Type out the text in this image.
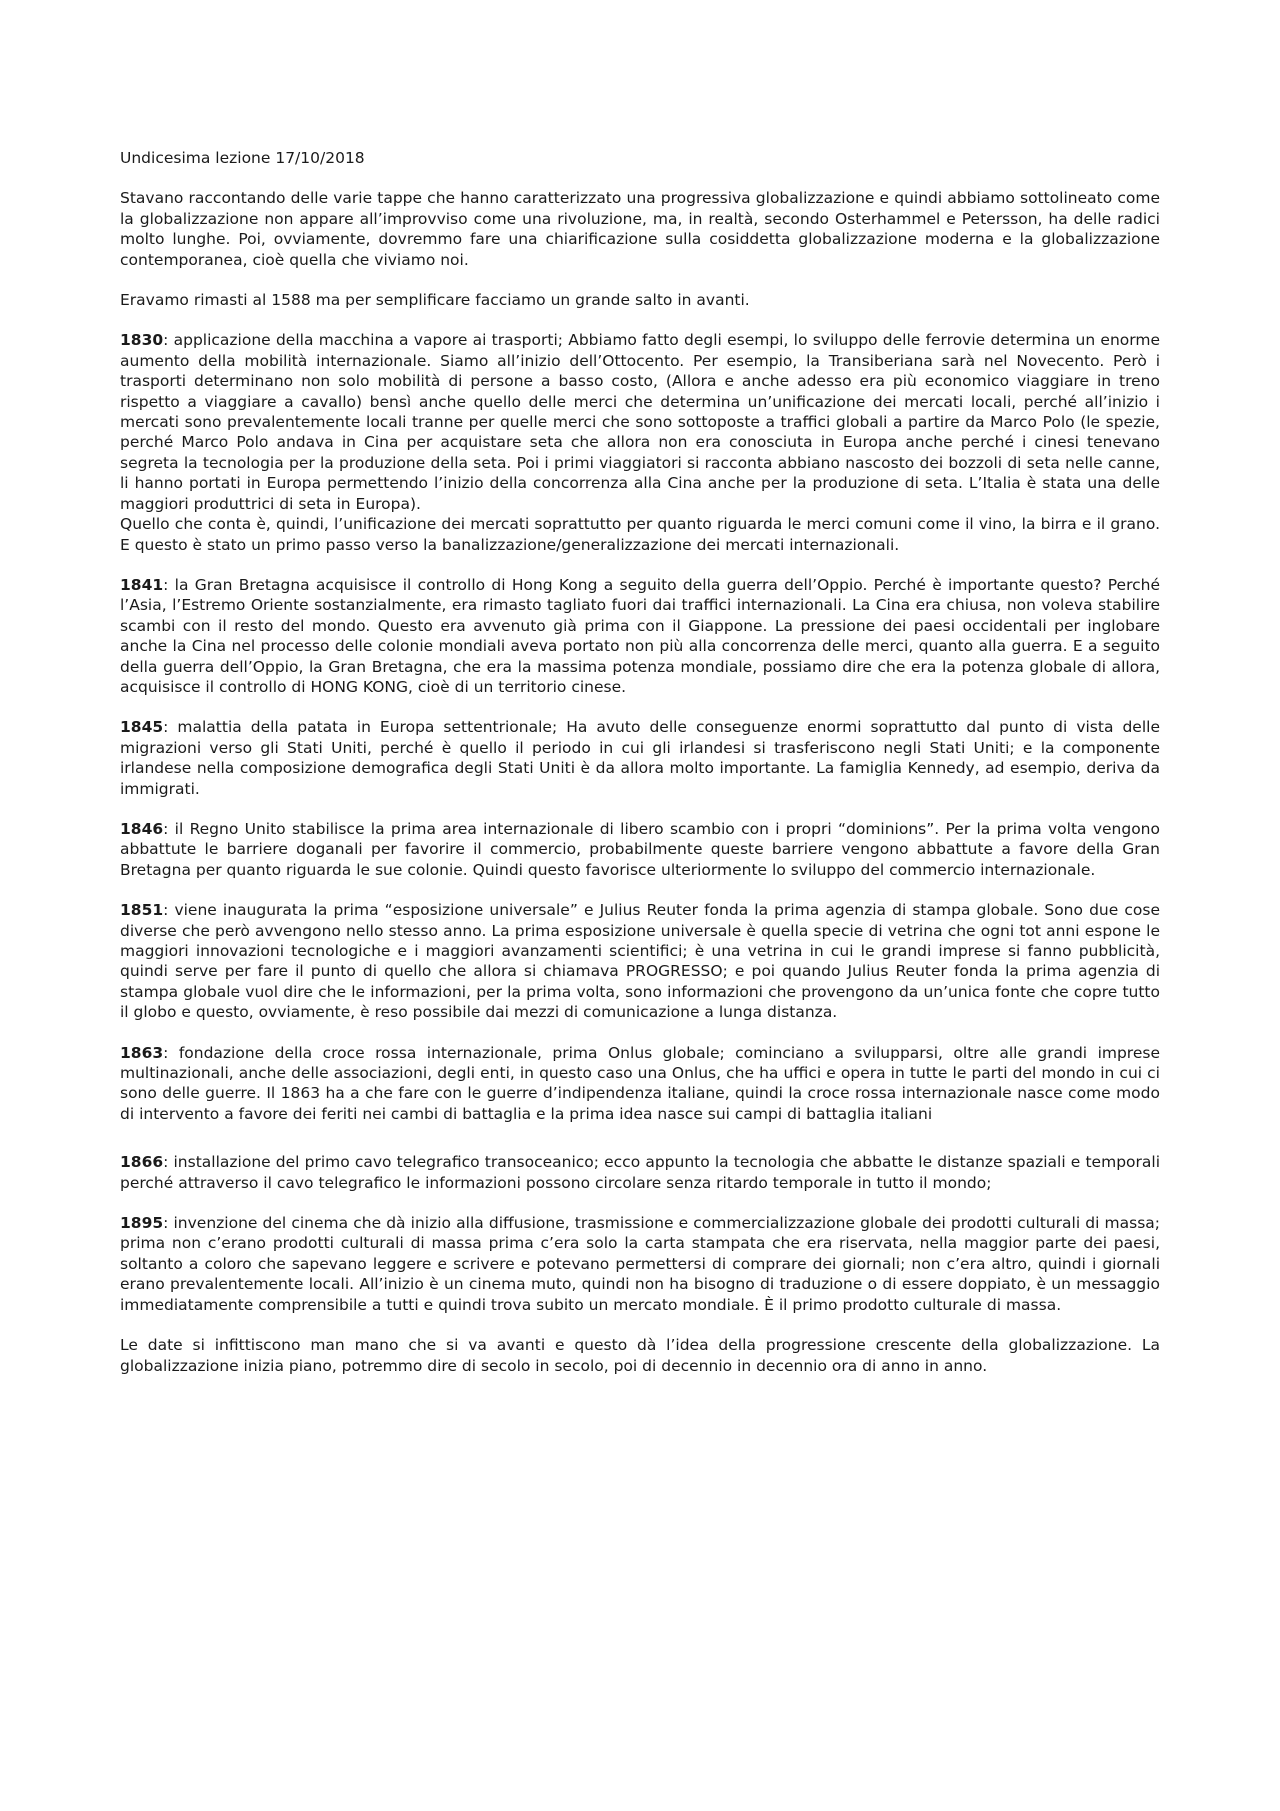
Undicesima lezione 17/10/2018

Stavano raccontando delle varie tappe che hanno caratterizzato una progressiva globalizzazione e quindi abbiamo sottolineato come la globalizzazione non appare all’improvviso come una rivoluzione, ma, in realtà, secondo Osterhammel e Petersson, ha delle radici molto lunghe. Poi, ovviamente, dovremmo fare una chiarificazione sulla cosiddetta globalizzazione moderna e la globalizzazione contemporanea, cioè quella che viviamo noi.

Eravamo rimasti al 1588 ma per semplificare facciamo un grande salto in avanti.

1830: applicazione della macchina a vapore ai trasporti; Abbiamo fatto degli esempi, lo sviluppo delle ferrovie determina un enorme aumento della mobilità internazionale. Siamo all’inizio dell’Ottocento. Per esempio, la Transiberiana sarà nel Novecento. Però i trasporti determinano non solo mobilità di persone a basso costo, (Allora e anche adesso era più economico viaggiare in treno rispetto a viaggiare a cavallo) bensì anche quello delle merci che determina un’unificazione dei mercati locali, perché all’inizio i mercati sono prevalentemente locali tranne per quelle merci che sono sottoposte a traffici globali a partire da Marco Polo (le spezie, perché Marco Polo andava in Cina per acquistare seta che allora non era conosciuta in Europa anche perché i cinesi tenevano segreta la tecnologia per la produzione della seta. Poi i primi viaggiatori si racconta abbiano nascosto dei bozzoli di seta nelle canne, li hanno portati in Europa permettendo l’inizio della concorrenza alla Cina anche per la produzione di seta. L’Italia è stata una delle maggiori produttrici di seta in Europa).

Quello che conta è, quindi, l’unificazione dei mercati soprattutto per quanto riguarda le merci comuni come il vino, la birra e il grano. E questo è stato un primo passo verso la banalizzazione/generalizzazione dei mercati internazionali.

1841: la Gran Bretagna acquisisce il controllo di Hong Kong a seguito della guerra dell’Oppio. Perché è importante questo? Perché l’Asia, l’Estremo Oriente sostanzialmente, era rimasto tagliato fuori dai traffici internazionali. La Cina era chiusa, non voleva stabilire scambi con il resto del mondo. Questo era avvenuto già prima con il Giappone. La pressione dei paesi occidentali per inglobare anche la Cina nel processo delle colonie mondiali aveva portato non più alla concorrenza delle merci, quanto alla guerra. E a seguito della guerra dell’Oppio, la Gran Bretagna, che era la massima potenza mondiale, possiamo dire che era la potenza globale di allora, acquisisce il controllo di HONG KONG, cioè di un territorio cinese.

1845: malattia della patata in Europa settentrionale; Ha avuto delle conseguenze enormi soprattutto dal punto di vista delle migrazioni verso gli Stati Uniti, perché è quello il periodo in cui gli irlandesi si trasferiscono negli Stati Uniti; e la componente irlandese nella composizione demografica degli Stati Uniti è da allora molto importante. La famiglia Kennedy, ad esempio, deriva da immigrati.

1846: il Regno Unito stabilisce la prima area internazionale di libero scambio con i propri “dominions”. Per la prima volta vengono abbattute le barriere doganali per favorire il commercio, probabilmente queste barriere vengono abbattute a favore della Gran Bretagna per quanto riguarda le sue colonie. Quindi questo favorisce ulteriormente lo sviluppo del commercio internazionale.

1851: viene inaugurata la prima “esposizione universale” e Julius Reuter fonda la prima agenzia di stampa globale. Sono due cose diverse che però avvengono nello stesso anno. La prima esposizione universale è quella specie di vetrina che ogni tot anni espone le maggiori innovazioni tecnologiche e i maggiori avanzamenti scientifici; è una vetrina in cui le grandi imprese si fanno pubblicità, quindi serve per fare il punto di quello che allora si chiamava PROGRESSO; e poi quando Julius Reuter fonda la prima agenzia di stampa globale vuol dire che le informazioni, per la prima volta, sono informazioni che provengono da un’unica fonte che copre tutto il globo e questo, ovviamente, è reso possibile dai mezzi di comunicazione a lunga distanza.

1863: fondazione della croce rossa internazionale, prima Onlus globale; cominciano a svilupparsi, oltre alle grandi imprese multinazionali, anche delle associazioni, degli enti, in questo caso una Onlus, che ha uffici e opera in tutte le parti del mondo in cui ci sono delle guerre. Il 1863 ha a che fare con le guerre d’indipendenza italiane, quindi la croce rossa internazionale nasce come modo di intervento a favore dei feriti nei cambi di battaglia e la prima idea nasce sui campi di battaglia italiani

1866: installazione del primo cavo telegrafico transoceanico; ecco appunto la tecnologia che abbatte le distanze spaziali e temporali perché attraverso il cavo telegrafico le informazioni possono circolare senza ritardo temporale in tutto il mondo;

1895: invenzione del cinema che dà inizio alla diffusione, trasmissione e commercializzazione globale dei prodotti culturali di massa; prima non c’erano prodotti culturali di massa prima c’era solo la carta stampata che era riservata, nella maggior parte dei paesi, soltanto a coloro che sapevano leggere e scrivere e potevano permettersi di comprare dei giornali; non c’era altro, quindi i giornali erano prevalentemente locali. All’inizio è un cinema muto, quindi non ha bisogno di traduzione o di essere doppiato, è un messaggio immediatamente comprensibile a tutti e quindi trova subito un mercato mondiale. È il primo prodotto culturale di massa.

Le date si infittiscono man mano che si va avanti e questo dà l’idea della progressione crescente della globalizzazione. La globalizzazione inizia piano, potremmo dire di secolo in secolo, poi di decennio in decennio ora di anno in anno.
